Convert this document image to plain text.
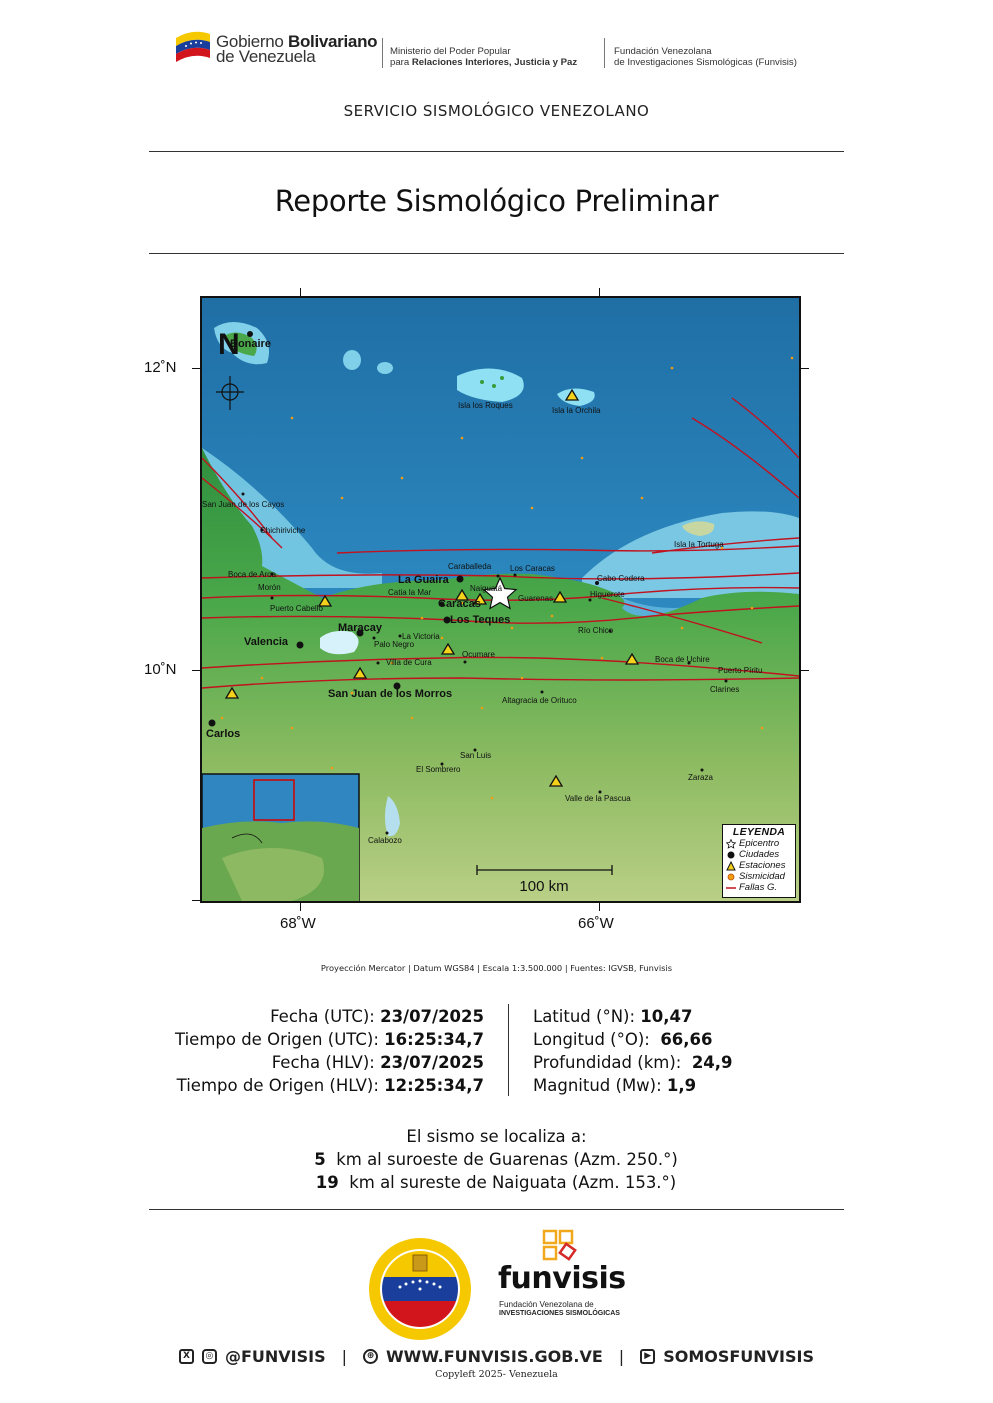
Gobierno Bolivariano
de Venezuela	Ministerio del Poder Popular
para Relaciones Interiores, Justicia y Paz
Fundación Venezolana
de Investigaciones Sismológicas (Funvisis)
SERVICIO SISMOLÓGICO VENEZOLANO
Reporte Sismológico Preliminar
12˚N
10˚N
68˚W	66˚W
N
100 km
Bonaire
Isla los Roques
Isla la Orchila
Isla la Tortuga
San Juan de los Cayos
Chichiriviche
Boca de Aroa
Morón
Puerto Cabello
Valencia
Maracay
Palo Negro
La Victoria
Villa de Cura
San Juan de los Morros
Carlos
La Guaira
Caraballeda
Naiguatá
Los Caracas
Catia la Mar
Caracas
Los Teques
Guarenas
Cabo Codera
Higuerote
Río Chico
Ocumare
Boca de Uchire
Puerto Píritu
Clarines
Altagracia de Orituco
San Luis
El Sombrero
Zaraza
Valle de la Pascua
Calabozo
LEYENDA
Epicentro
Ciudades
Estaciones
Sismicidad
Fallas G.
Proyección Mercator | Datum WGS84 | Escala 1:3.500.000 | Fuentes: IGVSB, Funvisis
Fecha (UTC): 23/07/2025
Tiempo de Origen (UTC): 16:25:34,7
Fecha (HLV): 23/07/2025
Tiempo de Origen (HLV): 12:25:34,7
Latitud (°N): 10,47
Longitud (°O):  66,66
Profundidad (km):  24,9
Magnitud (Mw): 1,9
El sismo se localiza a:
5  km al suroeste de Guarenas (Azm. 250.°)
19  km al sureste de Naiguata (Azm. 153.°)
funvisis
Fundación Venezolana de
INVESTIGACIONES SISMOLÓGICAS
X	◎ @FUNVISIS |	⊕ WWW.FUNVISIS.GOB.VE |	▶ SOMOSFUNVISIS
Copyleft 2025- Venezuela
